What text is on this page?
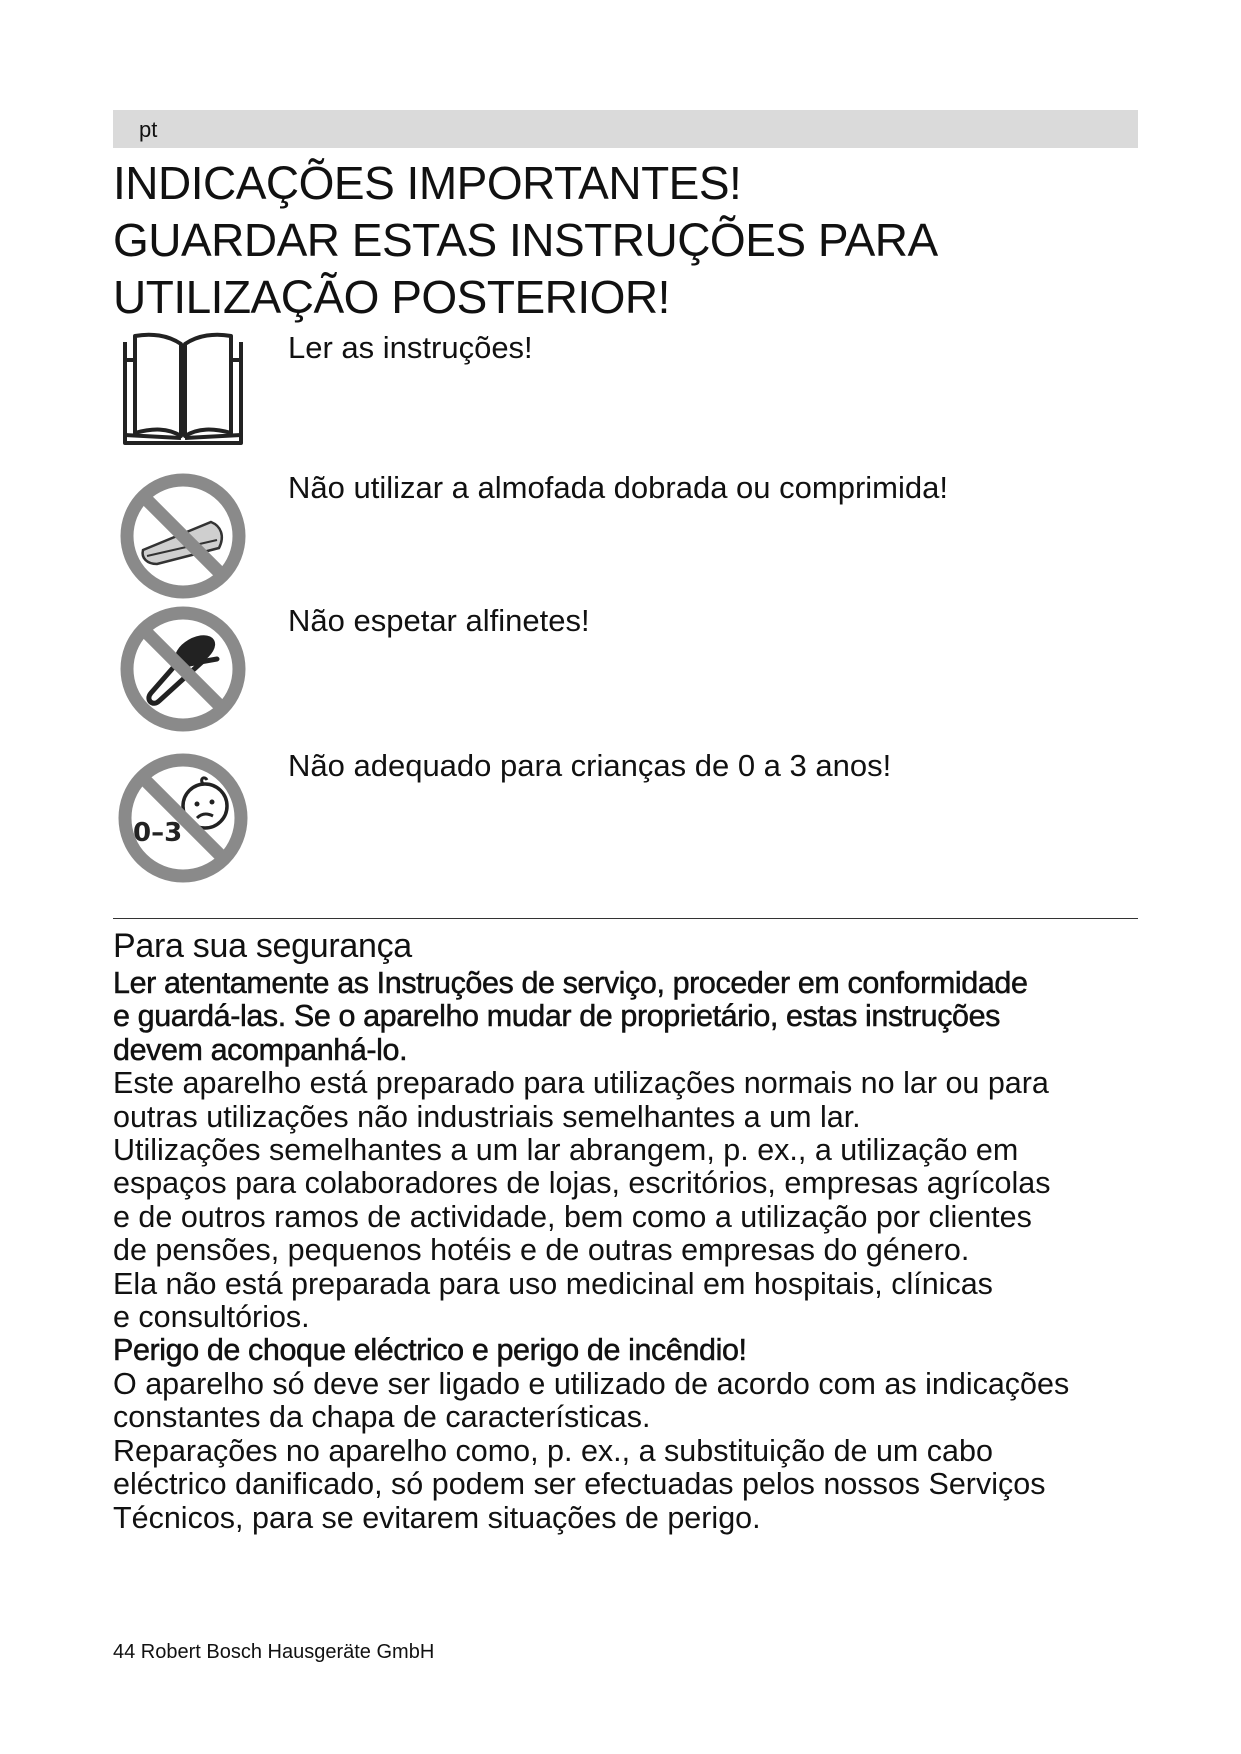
pt
INDICAÇÕES IMPORTANTES!
GUARDAR ESTAS INSTRUÇÕES PARA
UTILIZAÇÃO POSTERIOR!
Ler as instruções!
Não utilizar a almofada dobrada ou comprimida!
Não espetar alfinetes!
0–3
Não adequado para crianças de 0 a 3 anos!
Para sua segurança
Ler atentamente as Instruções de serviço, proceder em conformidade
e guardá-las. Se o aparelho mudar de proprietário, estas instruções
devem acompanhá-lo.
Este aparelho está preparado para utilizações normais no lar ou para
outras utilizações não industriais semelhantes a um lar.
Utilizações semelhantes a um lar abrangem, p. ex., a utilização em
espaços para colaboradores de lojas, escritórios, empresas agrícolas
e de outros ramos de actividade, bem como a utilização por clientes
de pensões, pequenos hotéis e de outras empresas do género.
Ela não está preparada para uso medicinal em hospitais, clínicas
e consultórios.
Perigo de choque eléctrico e perigo de incêndio!
O aparelho só deve ser ligado e utilizado de acordo com as indicações
constantes da chapa de características.
Reparações no aparelho como, p. ex., a substituição de um cabo
eléctrico danificado, só podem ser efectuadas pelos nossos Serviços
Técnicos, para se evitarem situações de perigo.
44 Robert Bosch Hausgeräte GmbH
